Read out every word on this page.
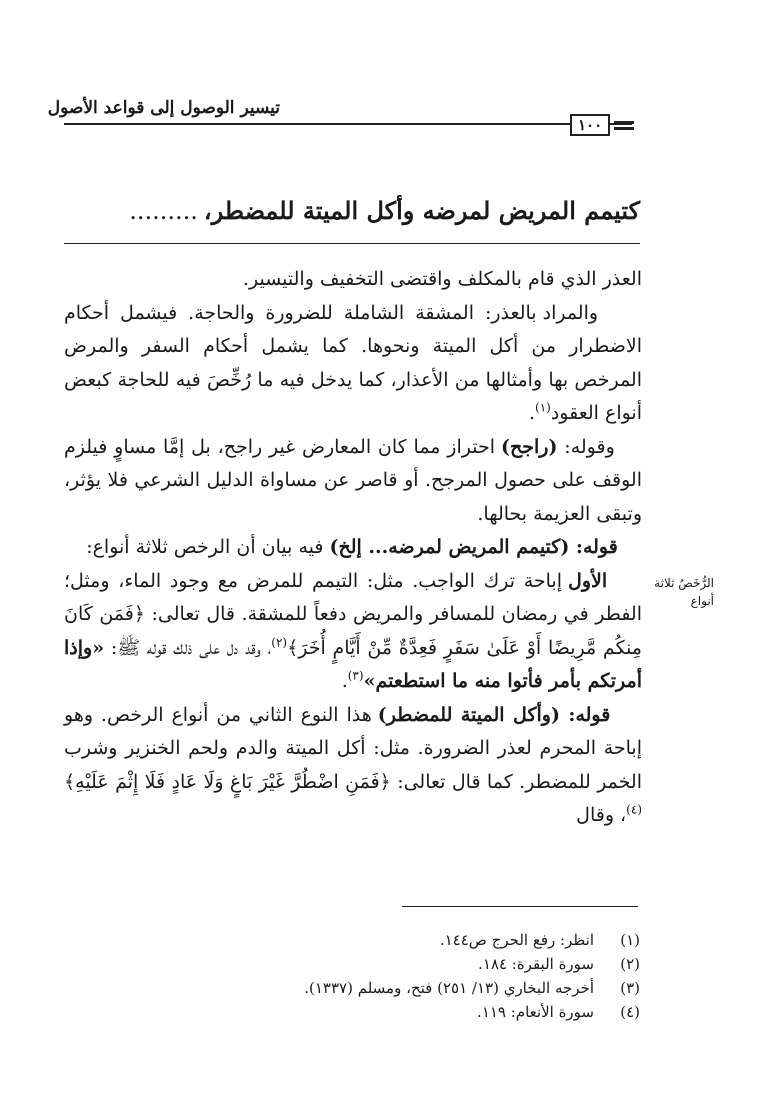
تيسير الوصول إلى قواعد الأصول
١٠٠
كتيمم المريض لمرضه وأكل الميتة للمضطر،.........

العذر الذي قام بالمكلف واقتضى التخفيف والتيسير.

والمراد بالعذر: المشقة الشاملة للضرورة والحاجة. فيشمل أحكام الاضطرار من أكل الميتة ونحوها. كما يشمل أحكام السفر والمرض المرخص بها وأمثالها من الأعذار، كما يدخل فيه ما رُخِّصَ فيه للحاجة كبعض أنواع العقود$^{(١)}$.

وقوله: (راجح) احتراز مما كان المعارض غير راجح، بل إمَّا مساوٍ فيلزم الوقف على حصول المرجح. أو قاصر عن مساواة الدليل الشرعي فلا يؤثر، وتبقى العزيمة بحالها.

قوله: (كتيمم المريض لمرضه... إلخ) فيه بيان أن الرخص ثلاثة أنواع:

الأول إباحة ترك الواجب. مثل: التيمم للمرض مع وجود الماء، ومثل؛ الفطر في رمضان للمسافر والمريض دفعاً للمشقة. قال تعالى: ﴿فَمَن كَانَ مِنكُم مَّرِيضًا أَوْ عَلَىٰ سَفَرٍ فَعِدَّةٌ مِّنْ أَيَّامٍ أُخَرَ﴾$^{(٢)}$، وقد دل على ذلك قوله ﷺ: «وإذا أمرتكم بأمر فأتوا منه ما استطعتم»$^{(٣)}$.

قوله: (وأكل الميتة للمضطر) هذا النوع الثاني من أنواع الرخص. وهو إباحة المحرم لعذر الضرورة. مثل: أكل الميتة والدم ولحم الخنزير وشرب الخمر للمضطر. كما قال تعالى: ﴿فَمَنِ اضْطُرَّ غَيْرَ بَاغٍ وَلَا عَادٍ فَلَا إِثْمَ عَلَيْهِ﴾$^{(٤)}$، وقال

الرُّخَصُ ثلاثة أنواع
(١)
انظر: رفع الحرج ص١٤٤.
(٢)
سورة البقرة: ١٨٤.
(٣)
أخرجه البخاري (١٣/ ٢٥١) فتح، ومسلم (١٣٣٧).
(٤)
سورة الأنعام: ١١٩.
